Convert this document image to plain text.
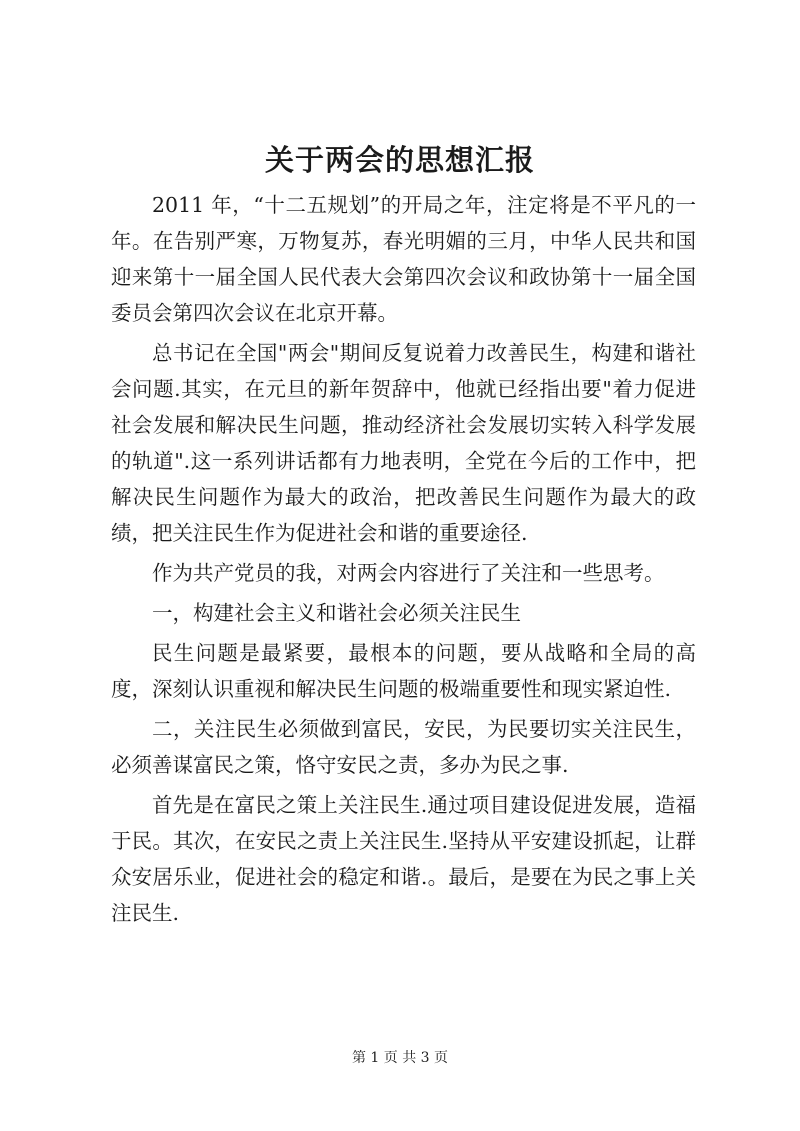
关于两会的思想汇报

2011 年，“十二五规划”的开局之年，注定将是不平凡的一年。在告别严寒，万物复苏，春光明媚的三月，中华人民共和国迎来第十一届全国人民代表大会第四次会议和政协第十一届全国委员会第四次会议在北京开幕。

总书记在全国"两会"期间反复说着力改善民生，构建和谐社会问题.其实，在元旦的新年贺辞中，他就已经指出要"着力促进社会发展和解决民生问题，推动经济社会发展切实转入科学发展的轨道".这一系列讲话都有力地表明，全党在今后的工作中，把解决民生问题作为最大的政治，把改善民生问题作为最大的政绩，把关注民生作为促进社会和谐的重要途径.

作为共产党员的我，对两会内容进行了关注和一些思考。

一，构建社会主义和谐社会必须关注民生

民生问题是最紧要，最根本的问题，要从战略和全局的高度，深刻认识重视和解决民生问题的极端重要性和现实紧迫性.

二，关注民生必须做到富民，安民，为民要切实关注民生，必须善谋富民之策，恪守安民之责，多办为民之事.

首先是在富民之策上关注民生.通过项目建设促进发展，造福于民。其次，在安民之责上关注民生.坚持从平安建设抓起，让群众安居乐业，促进社会的稳定和谐.。最后，是要在为民之事上关注民生.

第 1 页 共 3 页
